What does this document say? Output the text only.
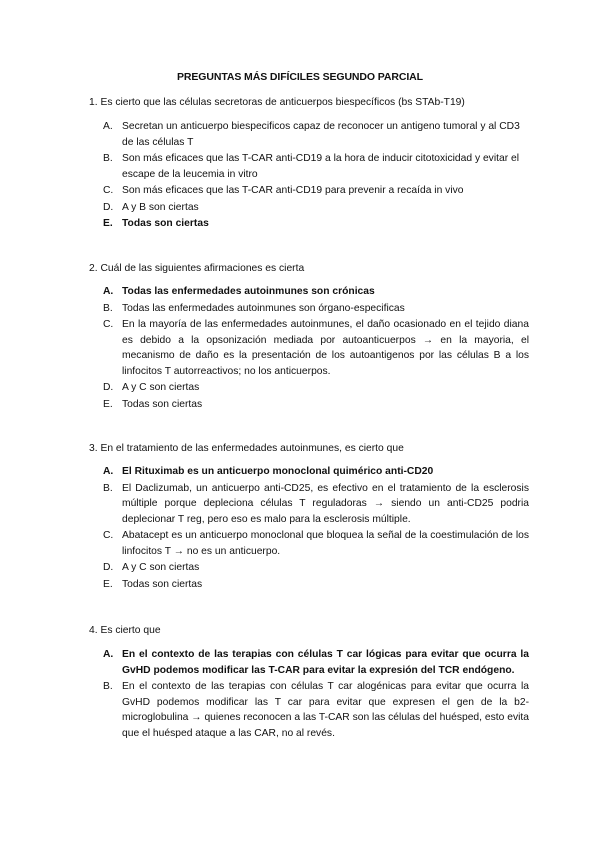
PREGUNTAS MÁS DIFÍCILES SEGUNDO PARCIAL
1. Es cierto que las células secretoras de anticuerpos biespecíficos (bs STAb-T19)
A. Secretan un anticuerpo biespecificos capaz de reconocer un antigeno tumoral y al CD3 de las células T
B. Son más eficaces que las T-CAR anti-CD19 a la hora de inducir citotoxicidad y evitar el escape de la leucemia in vitro
C. Son más eficaces que las T-CAR anti-CD19 para prevenir a recaída in vivo
D. A y B son ciertas
E. Todas son ciertas
2. Cuál de las siguientes afirmaciones es cierta
A. Todas las enfermedades autoinmunes son crónicas
B. Todas las enfermedades autoinmunes son órgano-especificas
C. En la mayoría de las enfermedades autoinmunes, el daño ocasionado en el tejido diana es debido a la opsonización mediada por autoanticuerpos → en la mayoria, el mecanismo de daño es la presentación de los autoantigenos por las células B a los linfocitos T autorreactivos; no los anticuerpos.
D. A y C son ciertas
E. Todas son ciertas
3. En el tratamiento de las enfermedades autoinmunes, es cierto que
A. El Rituximab es un anticuerpo monoclonal quimérico anti-CD20
B. El Daclizumab, un anticuerpo anti-CD25, es efectivo en el tratamiento de la esclerosis múltiple porque depleciona células T reguladoras → siendo un anti-CD25 podria deplecionar T reg, pero eso es malo para la esclerosis múltiple.
C. Abatacept es un anticuerpo monoclonal que bloquea la señal de la coestimulación de los linfocitos T → no es un anticuerpo.
D. A y C son ciertas
E. Todas son ciertas
4. Es cierto que
A. En el contexto de las terapias con células T car lógicas para evitar que ocurra la GvHD podemos modificar las T-CAR para evitar la expresión del TCR endógeno.
B. En el contexto de las terapias con células T car alogénicas para evitar que ocurra la GvHD podemos modificar las T car para evitar que expresen el gen de la b2-microglobulina → quienes reconocen a las T-CAR son las células del huésped, esto evita que el huésped ataque a las CAR, no al revés.
